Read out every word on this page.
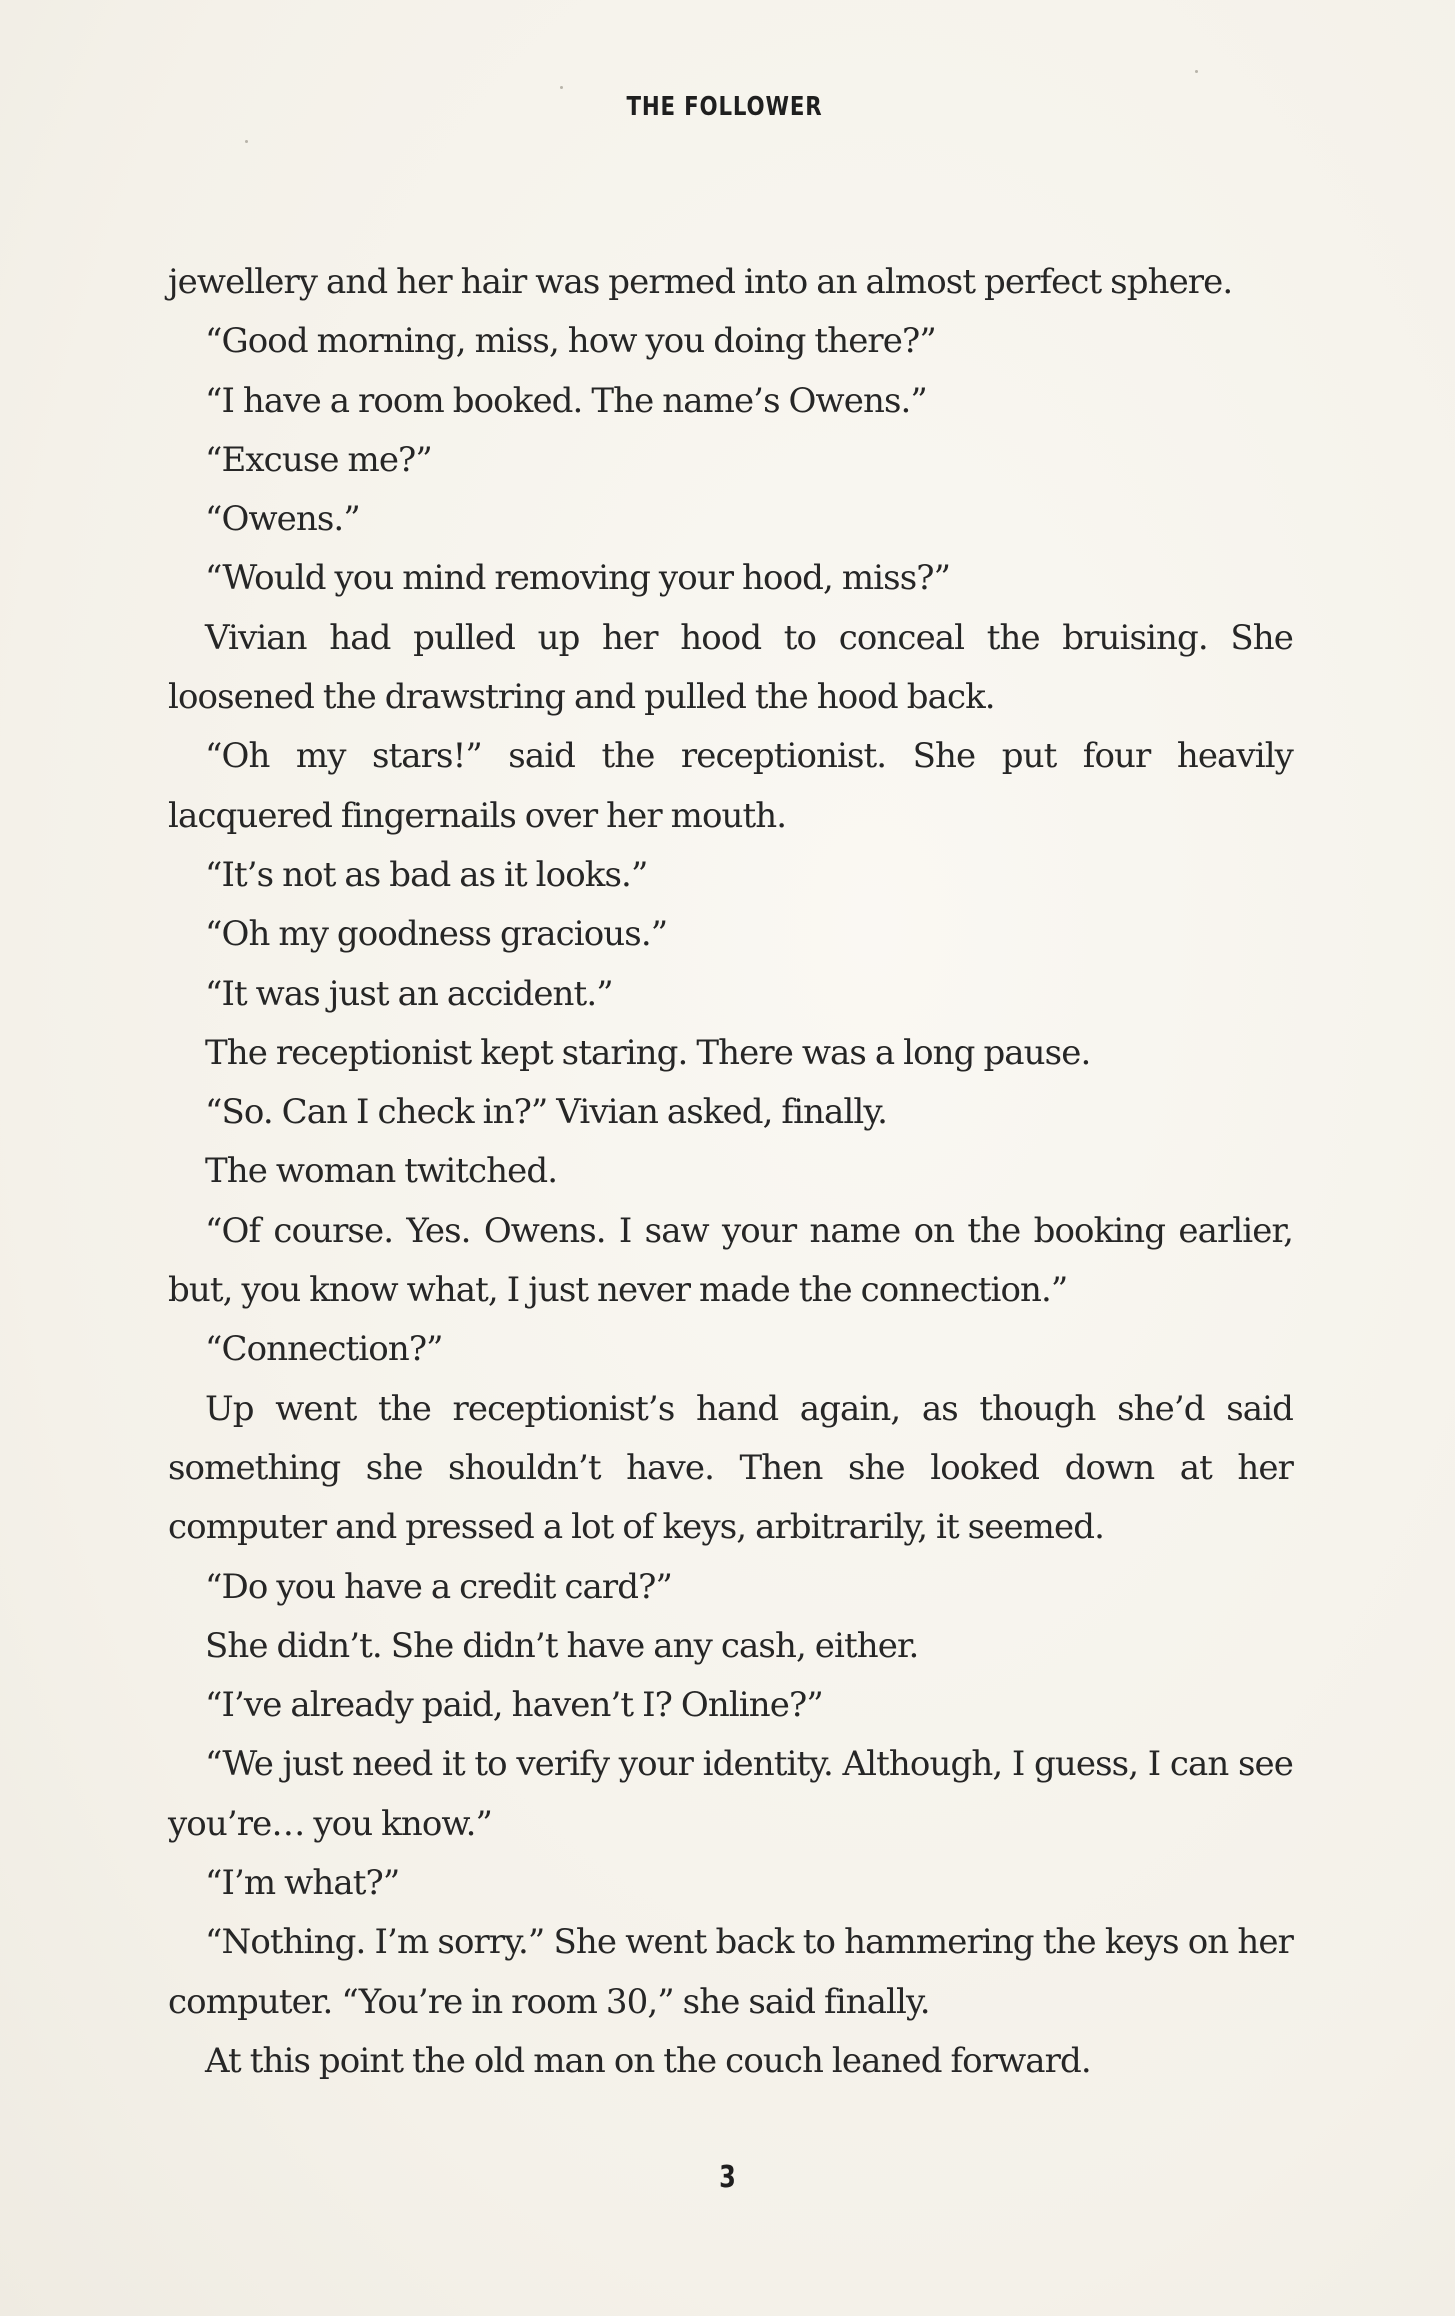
THE FOLLOWER

jewellery and her hair was permed into an almost perfect sphere.

“Good morning, miss, how you doing there?”

“I have a room booked. The name’s Owens.”

“Excuse me?”

“Owens.”

“Would you mind removing your hood, miss?”

Vivian had pulled up her hood to conceal the bruising. She loosened the drawstring and pulled the hood back.

“Oh my stars!” said the receptionist. She put four heavily lacquered fingernails over her mouth.

“It’s not as bad as it looks.”

“Oh my goodness gracious.”

“It was just an accident.”

The receptionist kept staring. There was a long pause.

“So. Can I check in?” Vivian asked, finally.

The woman twitched.

“Of course. Yes. Owens. I saw your name on the booking earlier, but, you know what, I just never made the connection.”

“Connection?”

Up went the receptionist’s hand again, as though she’d said something she shouldn’t have. Then she looked down at her computer and pressed a lot of keys, arbitrarily, it seemed.

“Do you have a credit card?”

She didn’t. She didn’t have any cash, either.

“I’ve already paid, haven’t I? Online?”

“We just need it to verify your identity. Although, I guess, I can see you’re… you know.”

“I’m what?”

“Nothing. I’m sorry.” She went back to hammering the keys on her computer. “You’re in room 30,” she said finally.

At this point the old man on the couch leaned forward.

3
